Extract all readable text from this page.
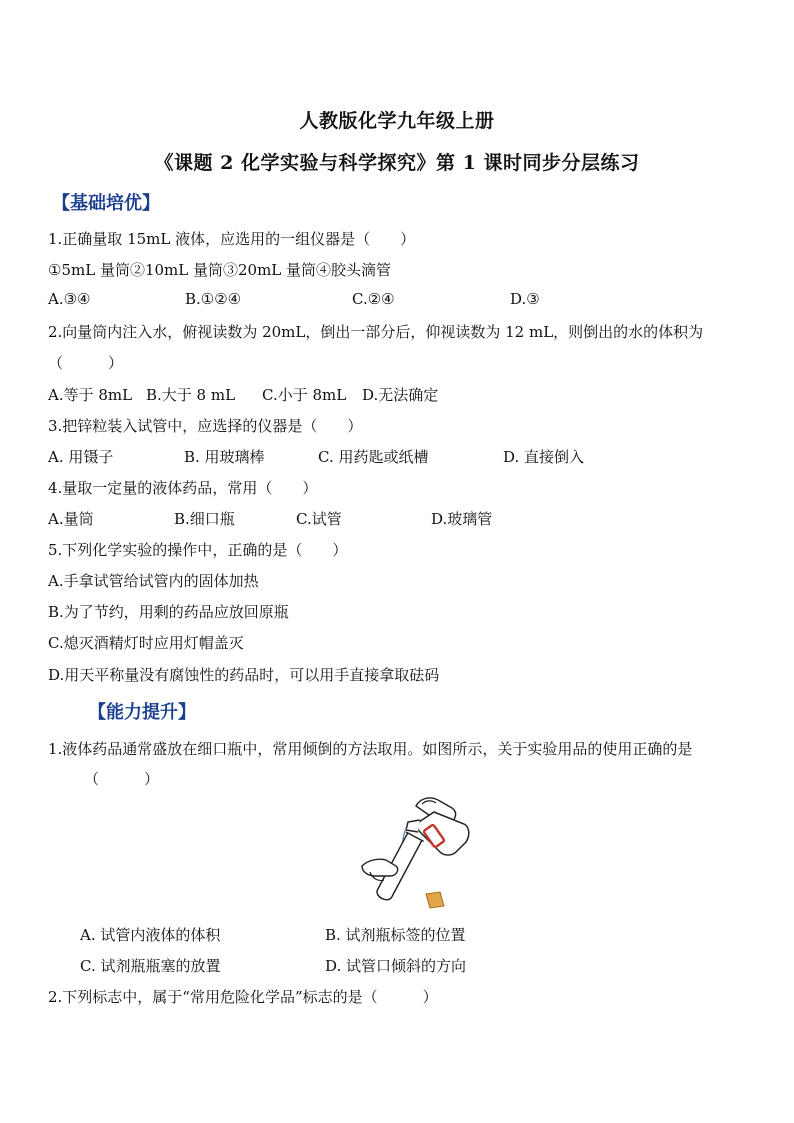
人教版化学九年级上册
《课题 2 化学实验与科学探究》第 1 课时同步分层练习
【基础培优】
1.正确量取 15mL 液体，应选用的一组仪器是（　　）
①5mL 量筒②10mL 量筒③20mL 量筒④胶头滴管
A.③④	B.①②④	C.②④	D.③
2.向量筒内注入水，俯视读数为 20mL，倒出一部分后，仰视读数为 12 mL，则倒出的水的体积为
（　　　）
A.等于 8mL B.大于 8 mL C.小于 8mL D.无法确定
3.把锌粒装入试管中，应选择的仪器是（　　）
A. 用镊子	B. 用玻璃棒	C. 用药匙或纸槽	D. 直接倒入
4.量取一定量的液体药品，常用（　　）
A.量筒	B.细口瓶	C.试管	D.玻璃管
5.下列化学实验的操作中，正确的是（　　）
A.手拿试管给试管内的固体加热
B.为了节约，用剩的药品应放回原瓶
C.熄灭酒精灯时应用灯帽盖灭
D.用天平称量没有腐蚀性的药品时，可以用手直接拿取砝码
【能力提升】
1.液体药品通常盛放在细口瓶中，常用倾倒的方法取用。如图所示，关于实验用品的使用正确的是
（　　　）
A. 试管内液体的体积	B. 试剂瓶标签的位置
C. 试剂瓶瓶塞的放置	D. 试管口倾斜的方向
2.下列标志中，属于“常用危险化学品”标志的是（　　　）
